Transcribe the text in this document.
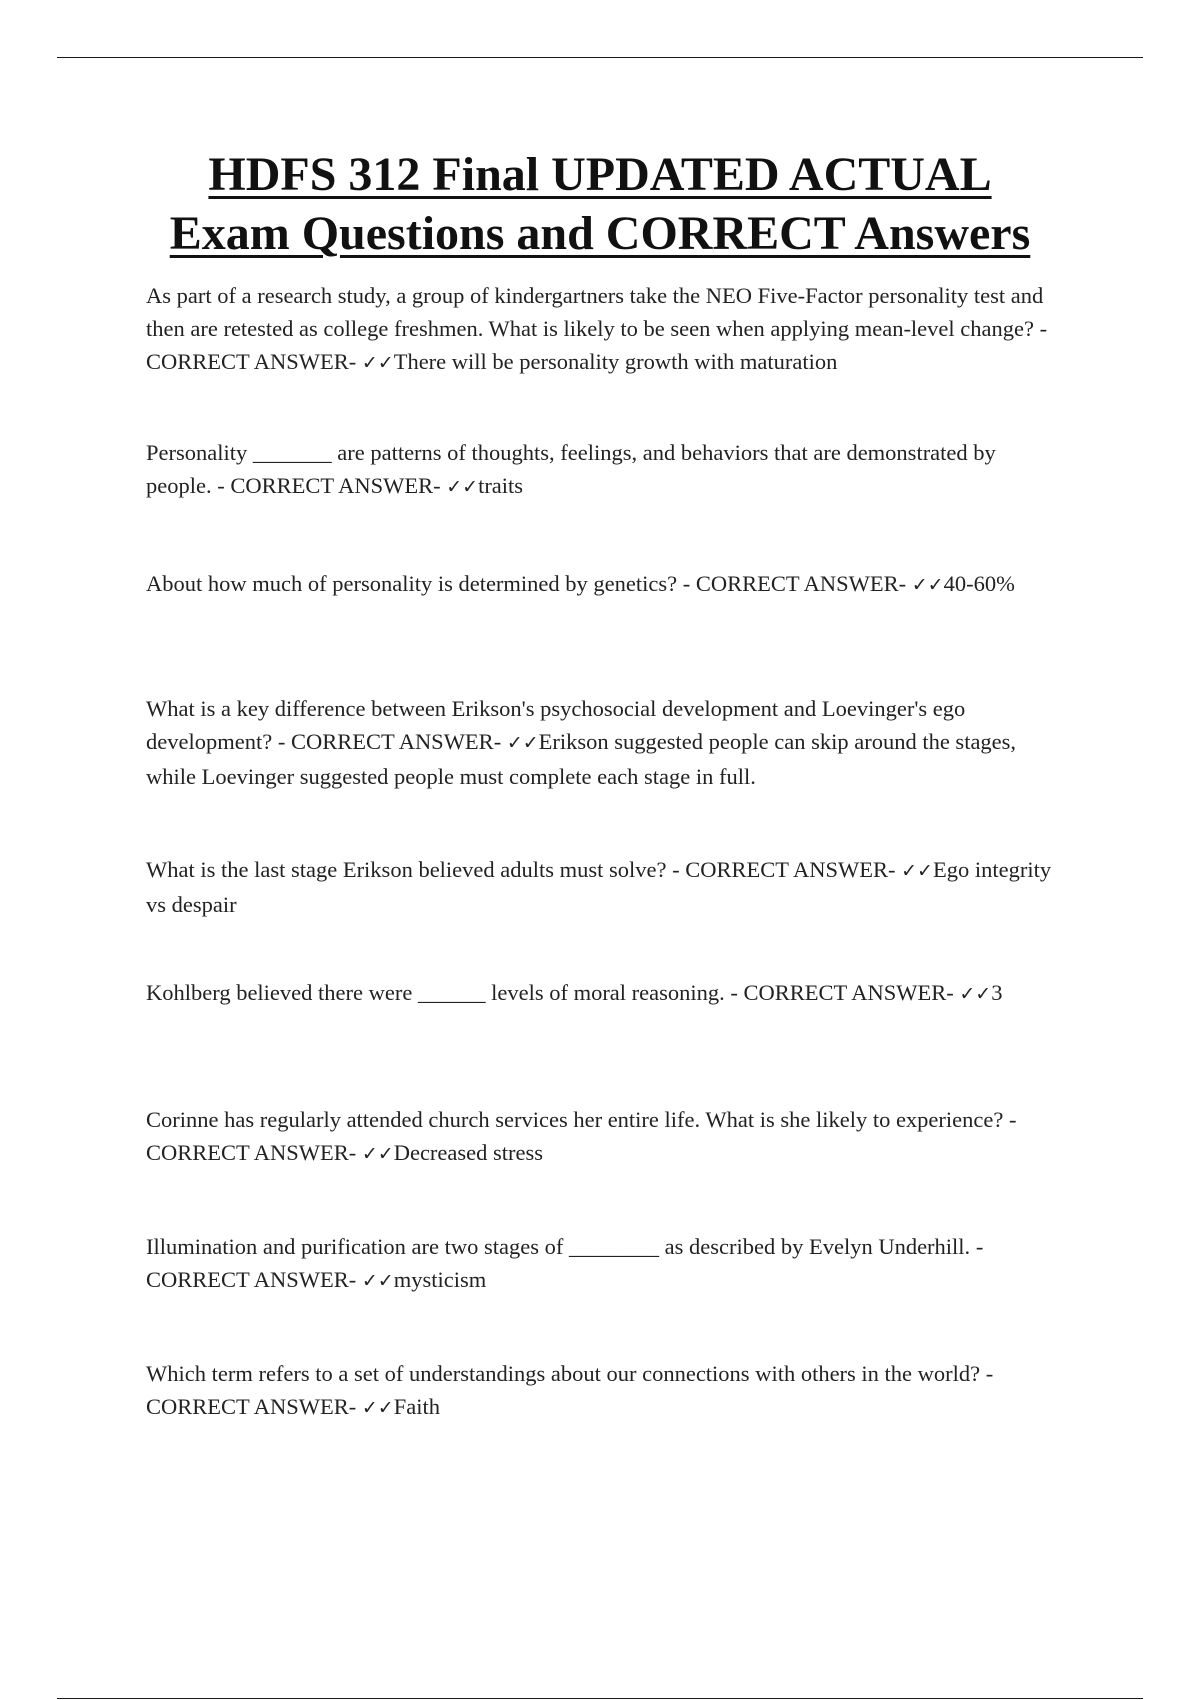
HDFS 312 Final UPDATED ACTUAL
Exam Questions and CORRECT Answers

As part of a research study, a group of kindergartners take the NEO Five-Factor personality test and then are retested as college freshmen. What is likely to be seen when applying mean-level change? - CORRECT ANSWER- ✓✓There will be personality growth with maturation

Personality _______ are patterns of thoughts, feelings, and behaviors that are demonstrated by people. - CORRECT ANSWER- ✓✓traits

About how much of personality is determined by genetics? - CORRECT ANSWER- ✓✓40-60%

What is a key difference between Erikson's psychosocial development and Loevinger's ego development? - CORRECT ANSWER- ✓✓Erikson suggested people can skip around the stages, while Loevinger suggested people must complete each stage in full.

What is the last stage Erikson believed adults must solve? - CORRECT ANSWER- ✓✓Ego integrity vs despair

Kohlberg believed there were ______ levels of moral reasoning. - CORRECT ANSWER- ✓✓3

Corinne has regularly attended church services her entire life. What is she likely to experience? - CORRECT ANSWER- ✓✓Decreased stress

Illumination and purification are two stages of ________ as described by Evelyn Underhill. - CORRECT ANSWER- ✓✓mysticism

Which term refers to a set of understandings about our connections with others in the world? - CORRECT ANSWER- ✓✓Faith
